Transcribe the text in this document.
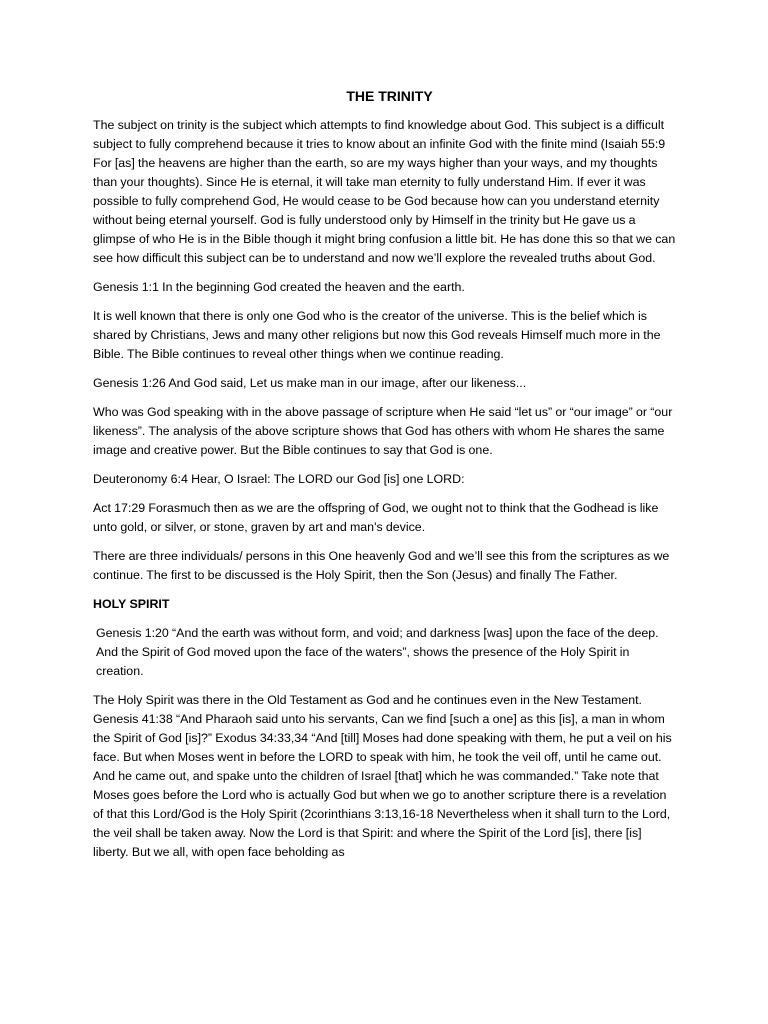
THE TRINITY

The subject on trinity is the subject which attempts to find knowledge about God. This subject is a difficult subject to fully comprehend because it tries to know about an infinite God with the finite mind (Isaiah 55:9 For [as] the heavens are higher than the earth, so are my ways higher than your ways, and my thoughts than your thoughts). Since He is eternal, it will take man eternity to fully understand Him. If ever it was possible to fully comprehend God, He would cease to be God because how can you understand eternity without being eternal yourself. God is fully understood only by Himself in the trinity but He gave us a glimpse of who He is in the Bible though it might bring confusion a little bit. He has done this so that we can see how difficult this subject can be to understand and now we’ll explore the revealed truths about God.

Genesis 1:1 In the beginning God created the heaven and the earth.

It is well known that there is only one God who is the creator of the universe. This is the belief which is shared by Christians, Jews and many other religions but now this God reveals Himself much more in the Bible. The Bible continues to reveal other things when we continue reading.

Genesis 1:26 And God said, Let us make man in our image, after our likeness...

Who was God speaking with in the above passage of scripture when He said “let us” or “our image” or “our likeness”. The analysis of the above scripture shows that God has others with whom He shares the same image and creative power. But the Bible continues to say that God is one.

Deuteronomy 6:4 Hear, O Israel: The LORD our God [is] one LORD:

Act 17:29 Forasmuch then as we are the offspring of God, we ought not to think that the Godhead is like unto gold, or silver, or stone, graven by art and man's device.

There are three individuals/ persons in this One heavenly God and we’ll see this from the scriptures as we continue. The first to be discussed is the Holy Spirit, then the Son (Jesus) and finally The Father.

HOLY SPIRIT

Genesis 1:20 “And the earth was without form, and void; and darkness [was] upon the face of the deep. And the Spirit of God moved upon the face of the waters”, shows the presence of the Holy Spirit in creation.

The Holy Spirit was there in the Old Testament as God and he continues even in the New Testament. Genesis 41:38 “And Pharaoh said unto his servants, Can we find [such a one] as this [is], a man in whom the Spirit of God [is]?” Exodus 34:33,34 “And [till] Moses had done speaking with them, he put a veil on his face. But when Moses went in before the LORD to speak with him, he took the veil off, until he came out. And he came out, and spake unto the children of Israel [that] which he was commanded.” Take note that Moses goes before the Lord who is actually God but when we go to another scripture there is a revelation of that this Lord/God is the Holy Spirit (2corinthians 3:13,16-18 Nevertheless when it shall turn to the Lord, the veil shall be taken away. Now the Lord is that Spirit: and where the Spirit of the Lord [is], there [is] liberty. But we all, with open face beholding as
